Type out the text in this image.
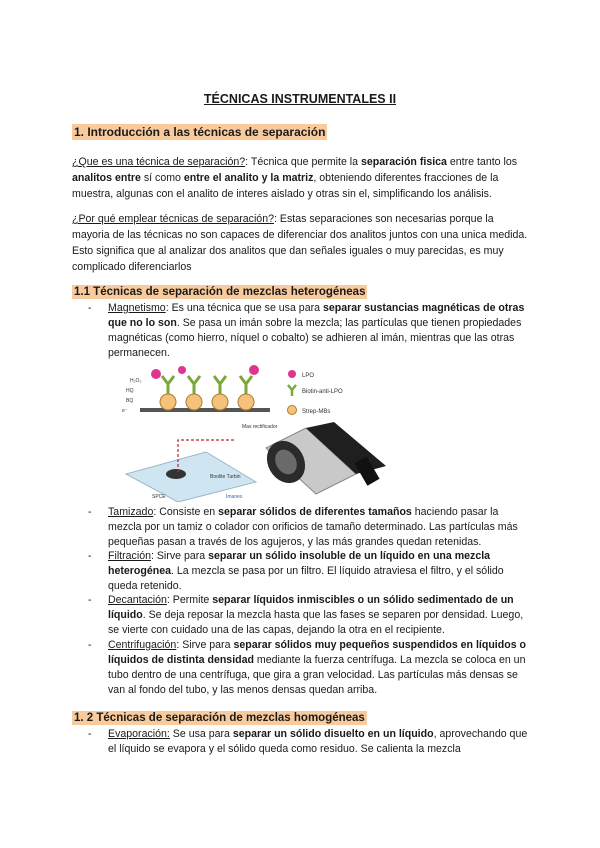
TÉCNICAS INSTRUMENTALES II
1. Introducción a las técnicas de separación

¿Que es una técnica de separación?: Técnica que permite la separación fisica entre tanto los analitos entre sí como entre el analito y la matriz, obteniendo diferentes fracciones de la muestra, algunas con el analito de interes aislado y otras sin el, simplificando los análisis.

¿Por qué emplear técnicas de separación?: Estas separaciones son necesarias porque la mayoria de las técnicas no son capaces de diferenciar dos analitos juntos con una unica medida. Esto significa que al analizar dos analitos que dan señales iguales o muy parecidas, es muy complicado diferenciarlos

1.1 Técnicas de separación de mezclas heterogéneas

- Magnetismo: Es una técnica que se usa para separar sustancias magnéticas de otras que no lo son. Se pasa un imán sobre la mezcla; las partículas que tienen propiedades magnéticas (como hierro, níquel o cobalto) se adhieren al imán, mientras que las otras permanecen.

H₂O₂
HQ
BQ
e⁻
LPO
Biotin-anti-LPO
Strep-MBs
SPCE
Boolite Turbin
Imanes
Mas rectificador

- Tamizado: Consiste en separar sólidos de diferentes tamaños haciendo pasar la mezcla por un tamiz o colador con orificios de tamaño determinado. Las partículas más pequeñas pasan a través de los agujeros, y las más grandes quedan retenidas.

- Filtración: Sirve para separar un sólido insoluble de un líquido en una mezcla heterogénea. La mezcla se pasa por un filtro. El líquido atraviesa el filtro, y el sólido queda retenido.

- Decantación: Permite separar líquidos inmiscibles o un sólido sedimentado de un líquido. Se deja reposar la mezcla hasta que las fases se separen por densidad. Luego, se vierte con cuidado una de las capas, dejando la otra en el recipiente.

- Centrifugación: Sirve para separar sólidos muy pequeños suspendidos en líquidos o líquidos de distinta densidad mediante la fuerza centrífuga. La mezcla se coloca en un tubo dentro de una centrífuga, que gira a gran velocidad. Las partículas más densas se van al fondo del tubo, y las menos densas quedan arriba.

1. 2 Técnicas de separación de mezclas homogéneas

- Evaporación: Se usa para separar un sólido disuelto en un líquido, aprovechando que el líquido se evapora y el sólido queda como residuo. Se calienta la mezcla
